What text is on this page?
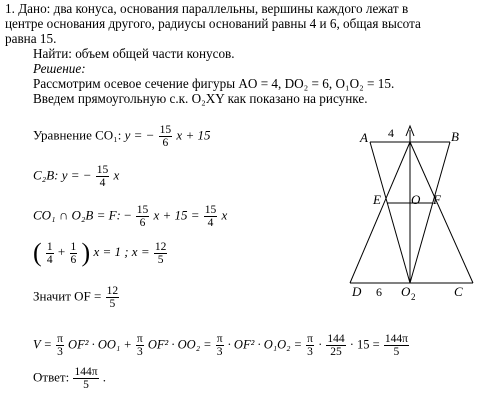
1. Дано: два конуса, основания параллельны, вершины каждого лежат в
центре основания другого, радиусы оснований равны 4 и 6, общая высота
равна 15.
Найти: объем общей части конусов.
Решение:
Рассмотрим осевое сечение фигуры AO = 4, DO₂ = 6, O₁O₂ = 15.
Введем прямоугольную с.к. O₂XY как показано на рисунке.
Уравнение CO₁: y = − $\frac{15}{6}$ x + 15
C₂B: y = − $\frac{15}{4}$ x
CO₁ ∩ O₂B = F: − $\frac{15}{6}$ $x + 15 = \frac{15}{4}$ x
( $\frac{1}{4} + \frac{1}{6}$ ) x = 1 ; $x = \frac{12}{5}$
Значит OF = $\frac{12}{5}$
$V = \frac{\pi}{3} OF^2 \cdot OO_1 + \frac{\pi}{3} OF^2 \cdot OO_2 = \frac{\pi}{3} \cdot OF^2 \cdot O_1O_2 = \frac{\pi}{3} \cdot \frac{144}{25} \cdot 15 = \frac{144\pi}{5}$
Ответ: $\frac{144\pi}{5}$ .
A	B
4
E O F
D 6 O 2	C
